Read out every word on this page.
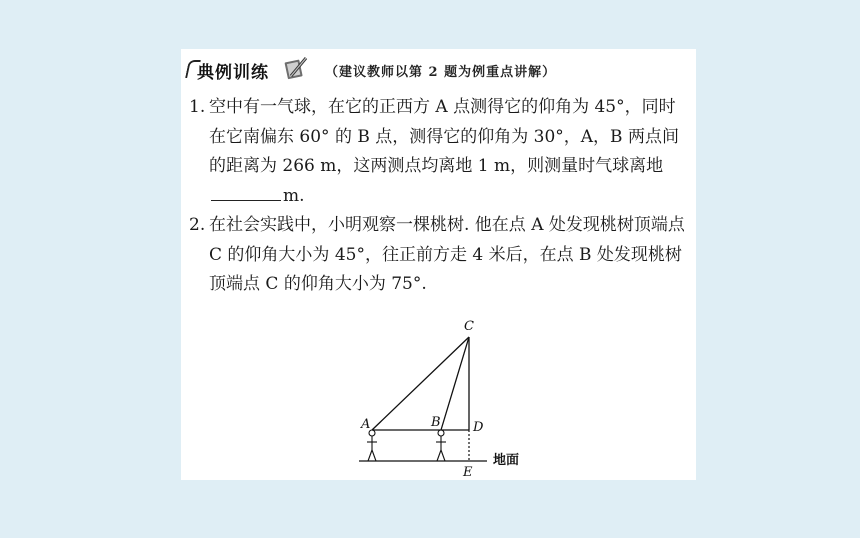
典例训练	（建议教师以第 2 题为例重点讲解）
1. 空中有一气球，在它的正西方 A 点测得它的仰角为 45°，同时在它南偏东 60° 的 B 点，测得它的仰角为 30°，A，B 两点间的距离为 266 m，这两测点均离地 1 m，则测量时气球离地m.
2. 在社会实践中，小明观察一棵桃树. 他在点 A 处发现桃树顶端点 C 的仰角大小为 45°，往正前方走 4 米后，在点 B 处发现桃树顶端点 C 的仰角大小为 75°.
C
A	B D
E
地面
